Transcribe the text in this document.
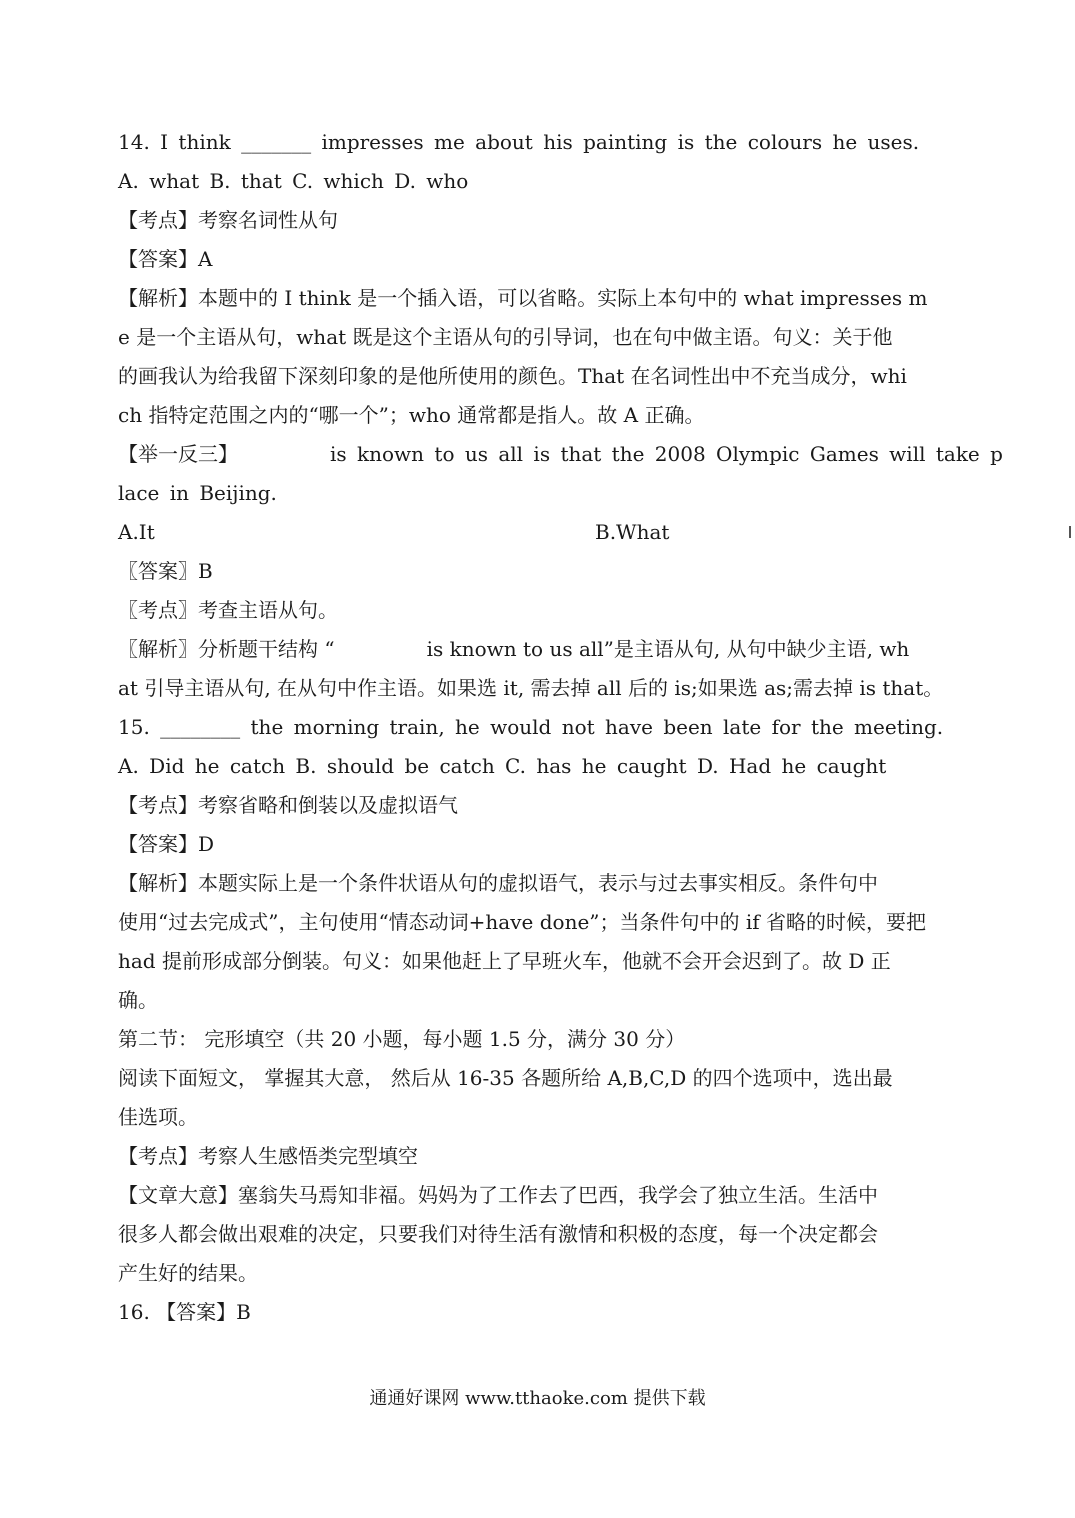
14. I think _______ impresses me about his painting is the colours he uses.
A. what B. that C. which D. who
【考点】考察名词性从句
【答案】A
【解析】本题中的 I think 是一个插入语，可以省略。实际上本句中的 what impresses m
e 是一个主语从句，what 既是这个主语从句的引导词，也在句中做主语。句义：关于他
的画我认为给我留下深刻印象的是他所使用的颜色。That 在名词性出中不充当成分，whi
ch 指特定范围之内的“哪一个”；who 通常都是指人。故 A 正确。
【举一反三】	is known to us all is that the 2008 Olympic Games will take p
lace in Beijing.
A.It	B.What
〖答案〗B
〖考点〗考查主语从句。
〖解析〗分析题干结构 “	is known to us all”是主语从句, 从句中缺少主语, wh
at 引导主语从句, 在从句中作主语。如果选 it, 需去掉 all 后的 is;如果选 as;需去掉 is that。
15. ________ the morning train, he would not have been late for the meeting.
A. Did he catch B. should be catch C. has he caught D. Had he caught
【考点】考察省略和倒装以及虚拟语气
【答案】D
【解析】本题实际上是一个条件状语从句的虚拟语气，表示与过去事实相反。条件句中
使用“过去完成式”，主句使用“情态动词+have done”；当条件句中的 if 省略的时候，要把
had 提前形成部分倒装。句义：如果他赶上了早班火车，他就不会开会迟到了。故 D 正
确。
第二节： 完形填空（共 20 小题，每小题 1.5 分，满分 30 分）
阅读下面短文， 掌握其大意， 然后从 16-35 各题所给 A,B,C,D 的四个选项中，选出最
佳选项。
【考点】考察人生感悟类完型填空
【文章大意】塞翁失马焉知非福。妈妈为了工作去了巴西，我学会了独立生活。生活中
很多人都会做出艰难的决定，只要我们对待生活有激情和积极的态度，每一个决定都会
产生好的结果。
16. 【答案】B
通通好课网 www.tthaoke.com 提供下载
